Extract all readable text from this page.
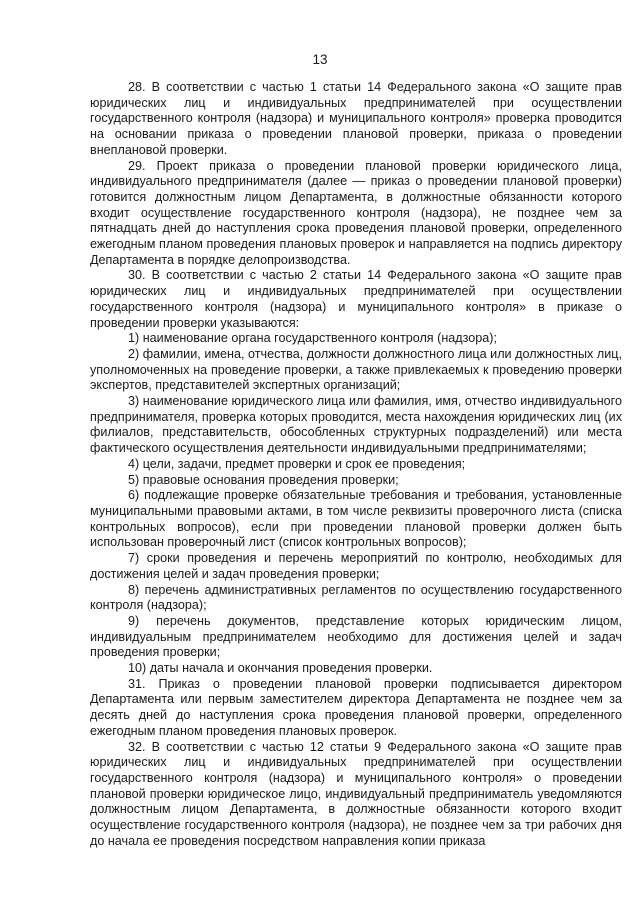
13

28. В соответствии с частью 1 статьи 14 Федерального закона «О защите прав юридических лиц и индивидуальных предпринимателей при осуществлении государственного контроля (надзора) и муниципального контроля» проверка проводится на основании приказа о проведении плановой проверки, приказа о проведении внеплановой проверки.

29. Проект приказа о проведении плановой проверки юридического лица, индивидуального предпринимателя (далее — приказ о проведении плановой проверки) готовится должностным лицом Департамента, в должностные обязанности которого входит осуществление государственного контроля (надзора), не позднее чем за пятнадцать дней до наступления срока проведения плановой проверки, определенного ежегодным планом проведения плановых проверок и направляется на подпись директору Департамента в порядке делопроизводства.

30. В соответствии с частью 2 статьи 14 Федерального закона «О защите прав юридических лиц и индивидуальных предпринимателей при осуществлении государственного контроля (надзора) и муниципального контроля» в приказе о проведении проверки указываются:

1) наименование органа государственного контроля (надзора);

2) фамилии, имена, отчества, должности должностного лица или должностных лиц, уполномоченных на проведение проверки, а также привлекаемых к проведению проверки экспертов, представителей экспертных организаций;

3) наименование юридического лица или фамилия, имя, отчество индивидуального предпринимателя, проверка которых проводится, места нахождения юридических лиц (их филиалов, представительств, обособленных структурных подразделений) или места фактического осуществления деятельности индивидуальными предпринимателями;

4) цели, задачи, предмет проверки и срок ее проведения;

5) правовые основания проведения проверки;

6) подлежащие проверке обязательные требования и требования, установленные муниципальными правовыми актами, в том числе реквизиты проверочного листа (списка контрольных вопросов), если при проведении плановой проверки должен быть использован проверочный лист (список контрольных вопросов);

7) сроки проведения и перечень мероприятий по контролю, необходимых для достижения целей и задач проведения проверки;

8) перечень административных регламентов по осуществлению государственного контроля (надзора);

9) перечень документов, представление которых юридическим лицом, индивидуальным предпринимателем необходимо для достижения целей и задач проведения проверки;

10) даты начала и окончания проведения проверки.

31. Приказ о проведении плановой проверки подписывается директором Департамента или первым заместителем директора Департамента не позднее чем за десять дней до наступления срока проведения плановой проверки, определенного ежегодным планом проведения плановых проверок.

32. В соответствии с частью 12 статьи 9 Федерального закона «О защите прав юридических лиц и индивидуальных предпринимателей при осуществлении государственного контроля (надзора) и муниципального контроля» о проведении плановой проверки юридическое лицо, индивидуальный предприниматель уведомляются должностным лицом Департамента, в должностные обязанности которого входит осуществление государственного контроля (надзора), не позднее чем за три рабочих дня до начала ее проведения посредством направления копии приказа
